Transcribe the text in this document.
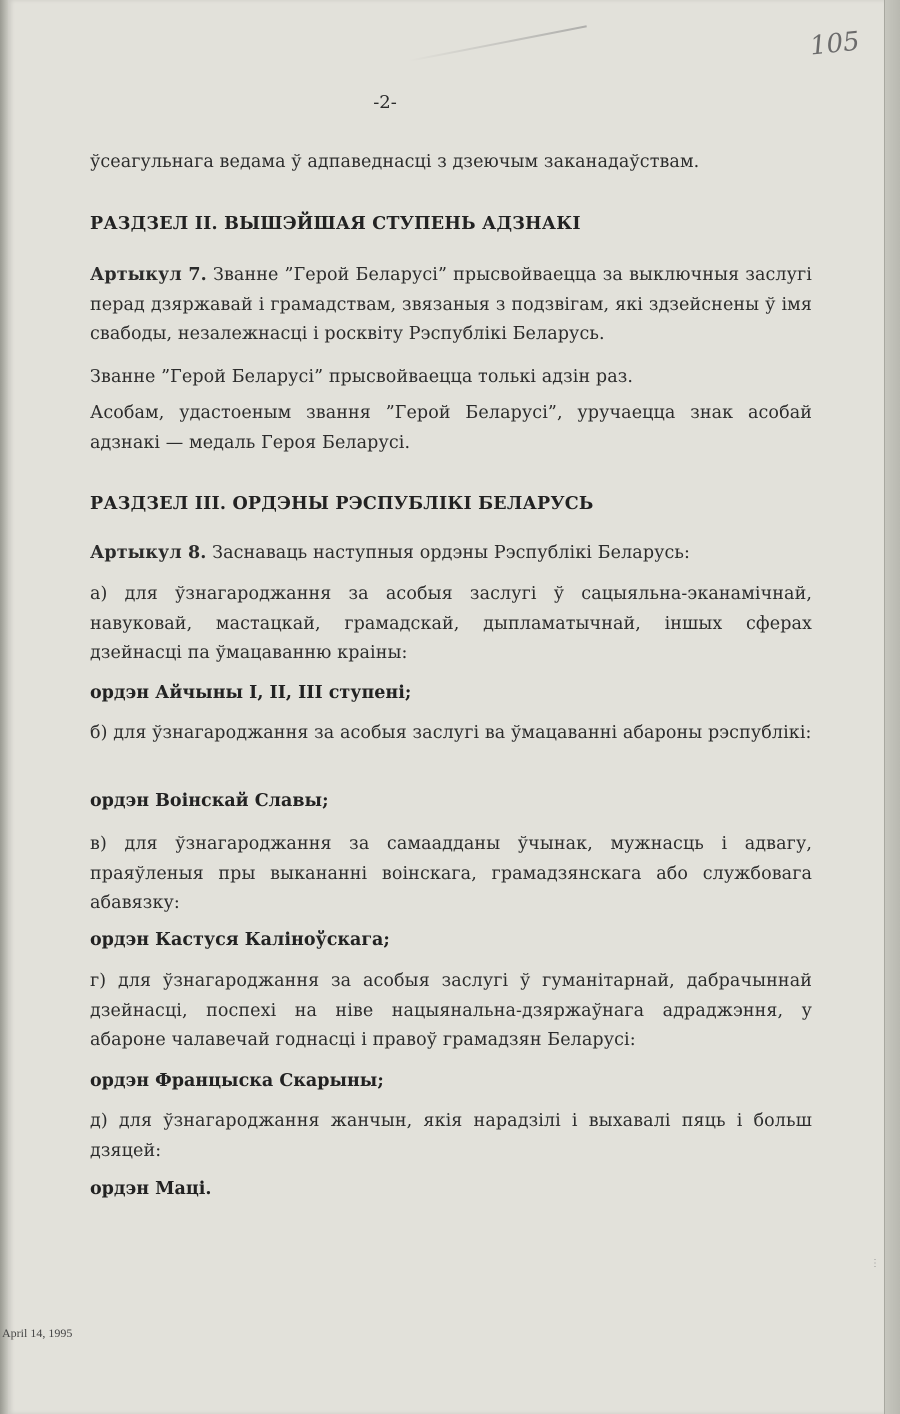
105
-2-

ўсеагульнага ведама ў адпаведнасці з дзеючым заканадаўствам.

РАЗДЗЕЛ II. ВЫШЭЙШАЯ СТУПЕНЬ АДЗНАКІ

Артыкул 7. Званне ”Герой Беларусі” прысвойваецца за выключныя заслугі перад дзяржавай і грамадствам, звязаныя з подзвігам, які здзейснены ў імя свабоды, незалежнасці і росквіту Рэспублікі Беларусь.

Званне ”Герой Беларусі” прысвойваецца толькі адзін раз.

Асобам, удастоеным звання ”Герой Беларусі”, уручаецца знак асобай адзнакі — медаль Героя Беларусі.

РАЗДЗЕЛ III. ОРДЭНЫ РЭСПУБЛІКІ БЕЛАРУСЬ

Артыкул 8. Заснаваць наступныя ордэны Рэспублікі Беларусь:

а) для ўзнагароджання за асобыя заслугі ў сацыяльна-эканамічнай, навуковай, мастацкай, грамадскай, дыпламатычнай, іншых сферах дзейнасці па ўмацаванню краіны:

ордэн Айчыны I, II, III ступені;

б) для ўзнагароджання за асобыя заслугі ва ўмацаванні абароны рэспублікі:

ордэн Воінскай Славы;

в) для ўзнагароджання за самаадданы ўчынак, мужнасць і адвагу, праяўленыя пры выкананні воінскага, грамадзянскага або службовага абавязку:

ордэн Кастуся Каліноўскага;

г) для ўзнагароджання за асобыя заслугі ў гуманітарнай, дабрачыннай дзейнасці, поспехі на ніве нацыянальна-дзяржаўнага адраджэння, у абароне чалавечай годнасці і правоў грамадзян Беларусі:

ордэн Францыска Скарыны;

д) для ўзнагароджання жанчын, якія нарадзілі і выхавалі пяць і больш дзяцей:

ордэн Маці.
⋮
April 14, 1995
